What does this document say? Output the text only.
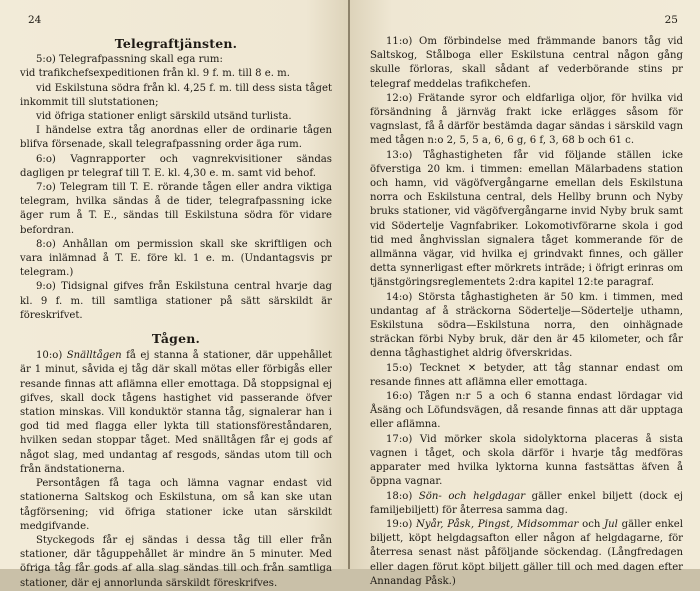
24
Telegraftjänsten.

5:o) Telegrafpassning skall ega rum:

vid trafikchefsexpeditionen från kl. 9 f. m. till 8 e. m.

vid Eskilstuna södra från kl. 4,25 f. m. till dess sista tåget inkommit till slutstationen;

vid öfriga stationer enligt särskild utsänd turlista.

I händelse extra tåg anordnas eller de ordinarie tågen blifva försenade, skall telegrafpassning order äga rum.

6:o) Vagnrapporter och vagnrekvisitioner sändas dagligen pr telegraf till T. E. kl. 4,30 e. m. samt vid behof.

7:o) Telegram till T. E. rörande tågen eller andra viktiga telegram, hvilka sändas å de tider, telegrafpassning icke äger rum å T. E., sändas till Eskilstuna södra för vidare befordran.

8:o) Anhållan om permission skall ske skriftligen och vara inlämnad å T. E. före kl. 1 e. m. (Undantagsvis pr telegram.)

9:o) Tidsignal gifves från Eskilstuna central hvarje dag kl. 9 f. m. till samtliga stationer på sätt särskildt är föreskrifvet.

Tågen.

10:o) Snälltågen få ej stanna å stationer, där uppehållet är 1 minut, såvida ej tåg där skall mötas eller förbigås eller resande finnas att aflämna eller emottaga. Då stoppsignal ej gifves, skall dock tågens hastighet vid passerande öfver station minskas. Vill konduktör stanna tåg, signalerar han i god tid med flagga eller lykta till stationsföreståndaren, hvilken sedan stoppar tåget. Med snälltågen får ej gods af något slag, med undantag af resgods, sändas utom till och från ändstationerna.

Persontågen få taga och lämna vagnar endast vid stationerna Saltskog och Eskilstuna, om så kan ske utan tågförsening; vid öfriga stationer icke utan särskildt medgifvande.

Styckegods får ej sändas i dessa tåg till eller från stationer, där tåguppehållet är mindre än 5 minuter. Med öfriga tåg får gods af alla slag sändas till och från samtliga stationer, där ej annorlunda särskildt föreskrifves.

25

11:o) Om förbindelse med främmande banors tåg vid Saltskog, Stålboga eller Eskilstuna central någon gång skulle förloras, skall sådant af vederbörande stins pr telegraf meddelas trafikchefen.

12:o) Frätande syror och eldfarliga oljor, för hvilka vid försändning å järnväg frakt icke erlägges såsom för vagnslast, få å därför bestämda dagar sändas i särskild vagn med tågen n:o 2, 5, 5 a, 6, 6 g, 6 f, 3, 68 b och 61 c.

13:o) Tåghastigheten får vid följande ställen icke öfverstiga 20 km. i timmen: emellan Mälarbadens station och hamn, vid vägöfvergångarne emellan dels Eskilstuna norra och Eskilstuna central, dels Hellby brunn och Nyby bruks stationer, vid vägöfvergångarne invid Nyby bruk samt vid Södertelje Vagnfabriker. Lokomotivförarne skola i god tid med ånghvisslan signalera tåget kommerande för de allmänna vägar, vid hvilka ej grindvakt finnes, och gäller detta synnerligast efter mörkrets inträde; i öfrigt erinras om tjänstgöringsreglementets 2:dra kapitel 12:te paragraf.

14:o) Största tåghastigheten är 50 km. i timmen, med undantag af å sträckorna Södertelje—Södertelje uthamn, Eskilstuna södra—Eskilstuna norra, den oinhägnade sträckan förbi Nyby bruk, där den är 45 kilometer, och får denna tåghastighet aldrig öfverskridas.

15:o) Tecknet ✕ betyder, att tåg stannar endast om resande finnes att aflämna eller emottaga.

16:o) Tågen n:r 5 a och 6 stanna endast lördagar vid Åsäng och Löfundsvägen, då resande finnas att där upptaga eller aflämna.

17:o) Vid mörker skola sidolyktorna placeras å sista vagnen i tåget, och skola därför i hvarje tåg medföras apparater med hvilka lyktorna kunna fastsättas äfven å öppna vagnar.

18:o) Sön- och helgdagar gäller enkel biljett (dock ej familjebiljett) för återresa samma dag.

19:o) Nyår, Påsk, Pingst, Midsommar och Jul gäller enkel biljett, köpt helgdagsafton eller någon af helgdagarne, för återresa senast näst påföljande söckendag. (Långfredagen eller dagen förut köpt biljett gäller till och med dagen efter Annandag Påsk.)
